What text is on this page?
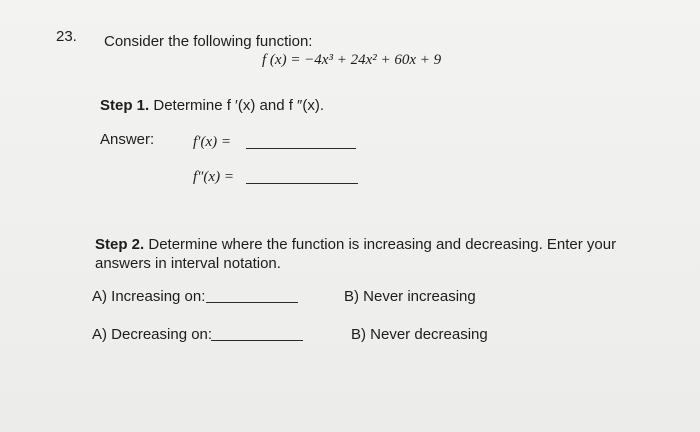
23. Consider the following function:
f (x) = −4x³ + 24x² + 60x + 9
Step 1. Determine f ′(x) and f ″(x).
Answer:	f′(x) =
f″(x) =
Step 2. Determine where the function is increasing and decreasing. Enter your answers in interval notation.
A) Increasing on:	B) Never increasing
A) Decreasing on:	B) Never decreasing
